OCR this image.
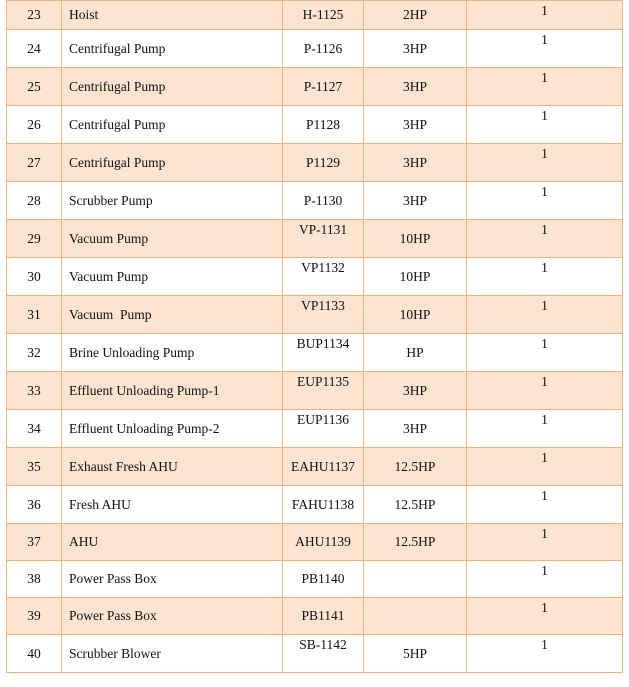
23	Hoist	H-1125	2HP	1
24	Centrifugal Pump	P-1126	3HP	1
25	Centrifugal Pump	P-1127	3HP	1
26	Centrifugal Pump	P1128	3HP	1
27	Centrifugal Pump	P1129	3HP	1
28	Scrubber Pump	P-1130	3HP	1
29	Vacuum Pump	VP-1131	10HP	1
30	Vacuum Pump	VP1132	10HP	1
31	Vacuum  Pump	VP1133	10HP	1
32	Brine Unloading Pump	BUP1134	HP	1
33	Effluent Unloading Pump-1	EUP1135	3HP	1
34	Effluent Unloading Pump-2	EUP1136	3HP	1
35	Exhaust Fresh AHU	EAHU1137	12.5HP	1
36	Fresh AHU	FAHU1138	12.5HP	1
37	AHU	AHU1139	12.5HP	1
38	Power Pass Box	PB1140		1
39	Power Pass Box	PB1141		1
40	Scrubber Blower	SB-1142	5HP	1
